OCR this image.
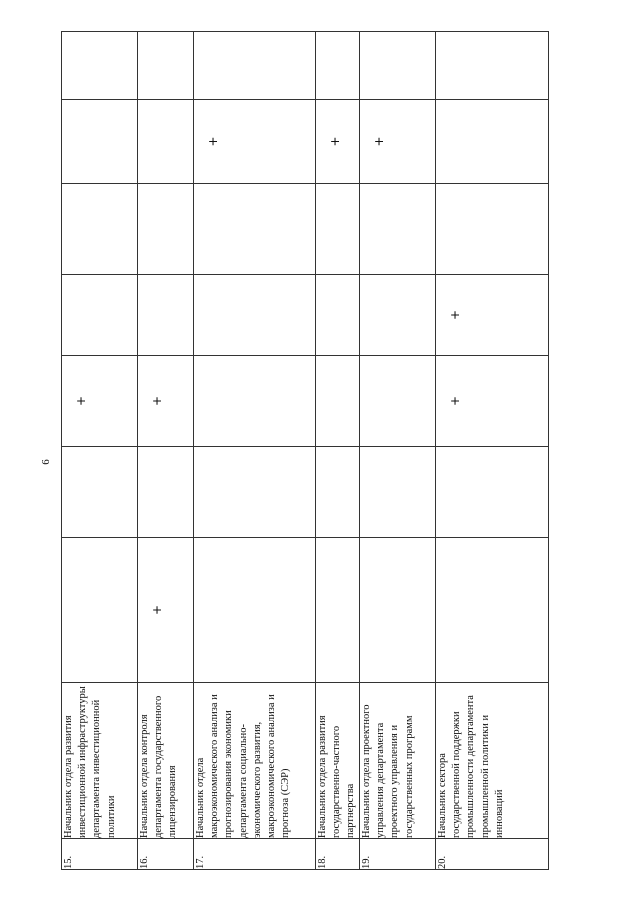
6
15.	Начальник отдела развития инвестиционной инфраструктуры департамента инвестиционной политики			+				

16.	Начальник отдела контроля департамента государственного лицензирования	+		+				

17.	Начальник отдела макроэкономического анализа и прогнозирования экономики департамента социально-экономического развития, макроэкономического анализа и прогноза (СЭР)						+	

18.	Начальник отдела развития государственно-частного партнерства						+	

19.	Начальник отдела проектного управления департамента проектного управления и государственных программ						+	

20.	Начальник сектора государственной поддержки промышленности департамента промышленной политики и инноваций			+	+			
